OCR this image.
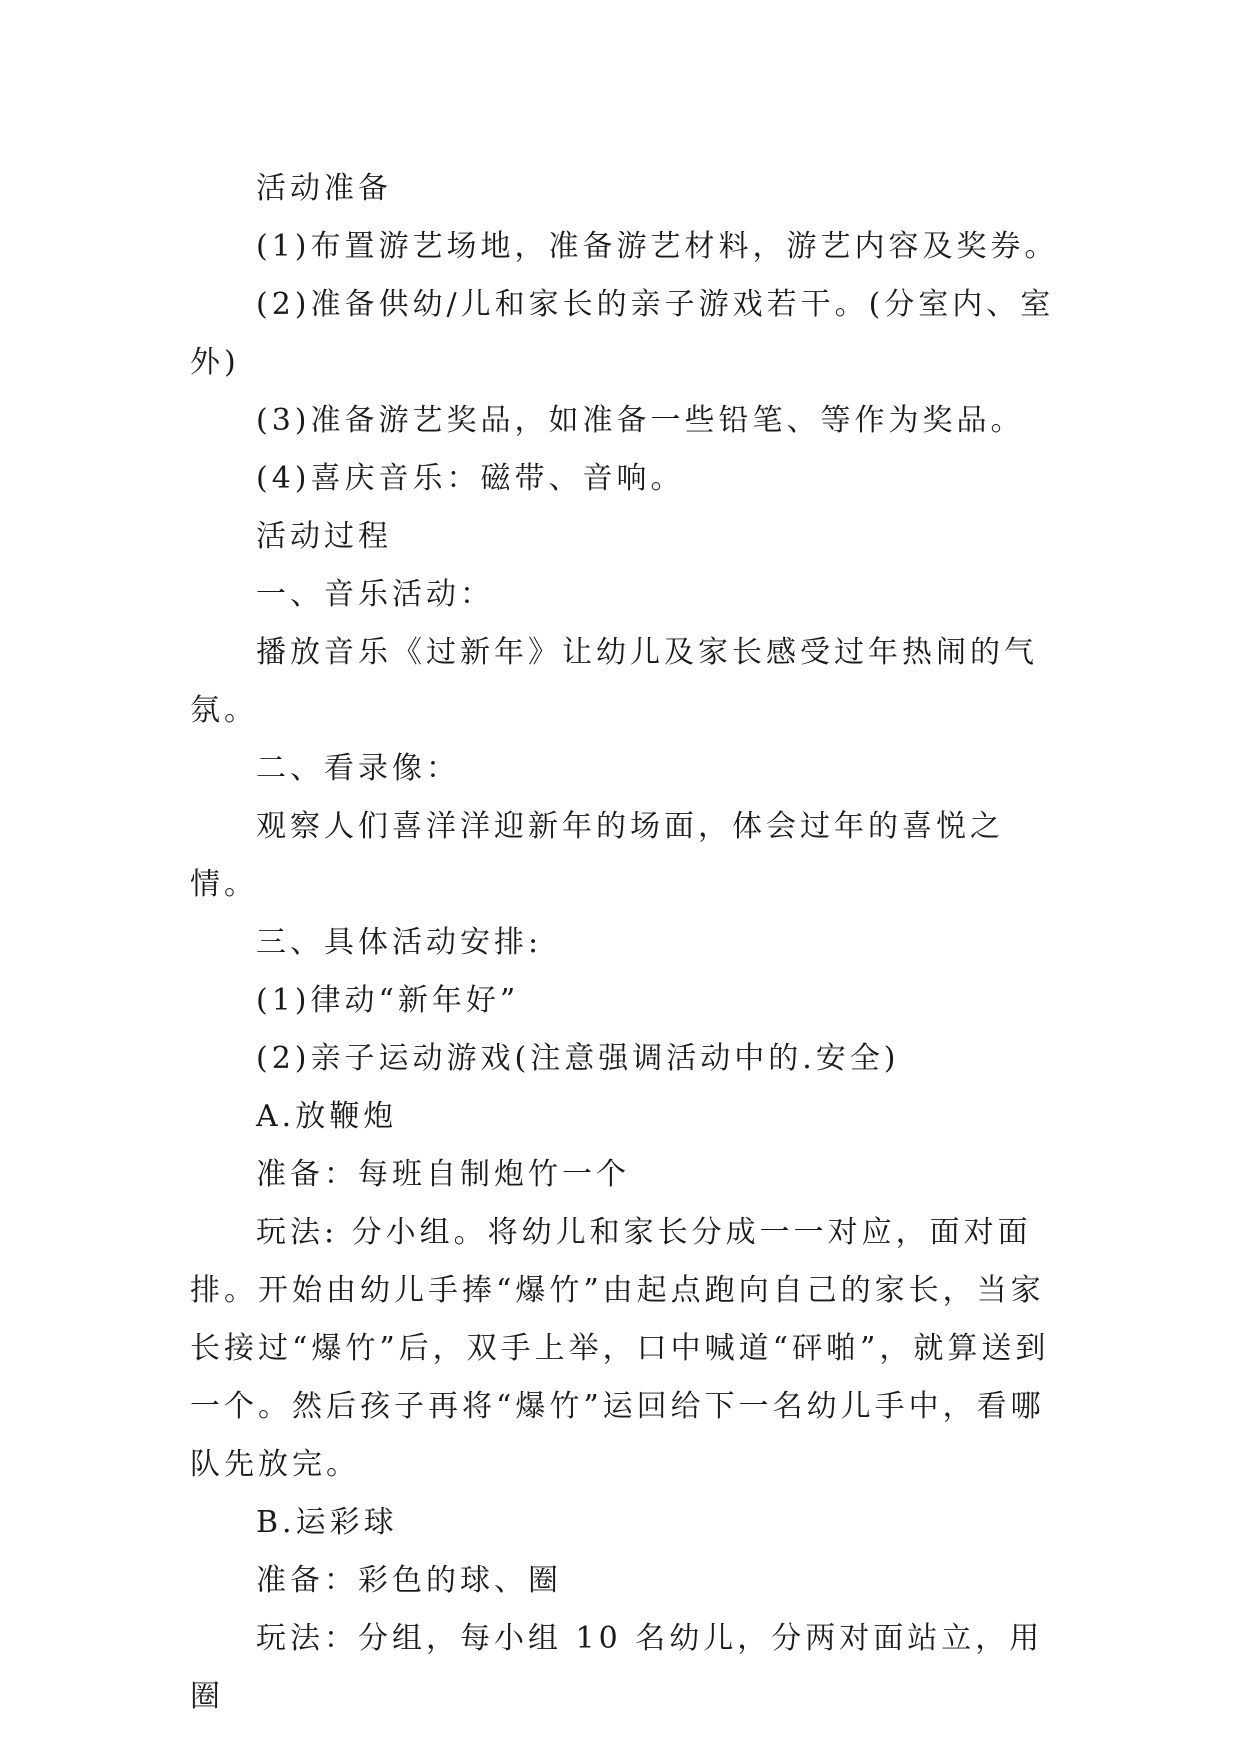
活动准备

(1)布置游艺场地，准备游艺材料，游艺内容及奖券。

(2)准备供幼/儿和家长的亲子游戏若干。(分室内、室外)

(3)准备游艺奖品，如准备一些铅笔、等作为奖品。

(4)喜庆音乐：磁带、音响。

活动过程

一、音乐活动：

播放音乐《过新年》让幼儿及家长感受过年热闹的气氛。

二、看录像：

观察人们喜洋洋迎新年的场面，体会过年的喜悦之情。

三、具体活动安排:

(1)律动“新年好”

(2)亲子运动游戏(注意强调活动中的.安全)

A.放鞭炮

准备：每班自制炮竹一个

玩法: 分小组。将幼儿和家长分成一一对应，面对面排。开始由幼儿手捧“爆竹”由起点跑向自己的家长，当家长接过“爆竹”后，双手上举，口中喊道“砰啪”，就算送到一个。然后孩子再将“爆竹”运回给下一名幼儿手中，看哪队先放完。

B.运彩球

准备：彩色的球、圈

玩法：分组，每小组 10 名幼儿，分两对面站立，用圈
